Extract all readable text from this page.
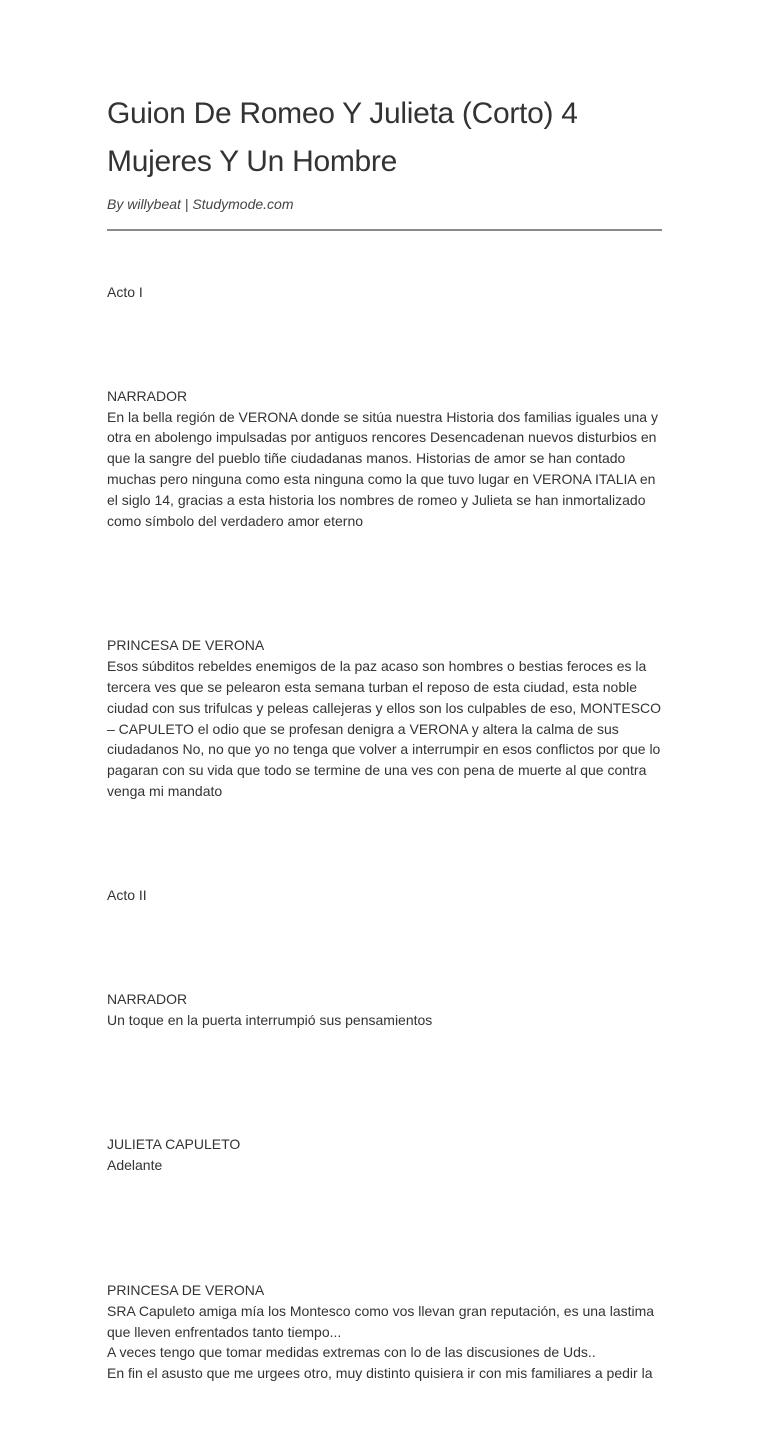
Guion De Romeo Y Julieta (Corto) 4 Mujeres Y Un Hombre
By willybeat | Studymode.com

Acto I

NARRADOR
En la bella región de VERONA donde se sitúa nuestra Historia dos familias iguales una y otra en abolengo impulsadas por antiguos rencores Desencadenan nuevos disturbios en que la sangre del pueblo tiñe ciudadanas manos. Historias de amor se han contado muchas pero ninguna como esta ninguna como la que tuvo lugar en VERONA ITALIA en el siglo 14, gracias a esta historia los nombres de romeo y Julieta se han inmortalizado como símbolo del verdadero amor eterno

PRINCESA DE VERONA
Esos súbditos rebeldes enemigos de la paz acaso son hombres o bestias feroces es la tercera ves que se pelearon esta semana turban el reposo de esta ciudad, esta noble ciudad con sus trifulcas y peleas callejeras y ellos son los culpables de eso, MONTESCO – CAPULETO el odio que se profesan denigra a VERONA y altera la calma de sus ciudadanos No, no que yo no tenga que volver a interrumpir en esos conflictos por que lo pagaran con su vida que todo se termine de una ves con pena de muerte al que contra venga mi mandato

Acto II

NARRADOR
Un toque en la puerta interrumpió sus pensamientos

JULIETA CAPULETO
Adelante

PRINCESA DE VERONA
SRA Capuleto amiga mía los Montesco como vos llevan gran reputación, es una lastima que lleven enfrentados tanto tiempo...
A veces tengo que tomar medidas extremas con lo de las discusiones de Uds..
En fin el asusto que me urgees otro, muy distinto quisiera ir con mis familiares a pedir la
